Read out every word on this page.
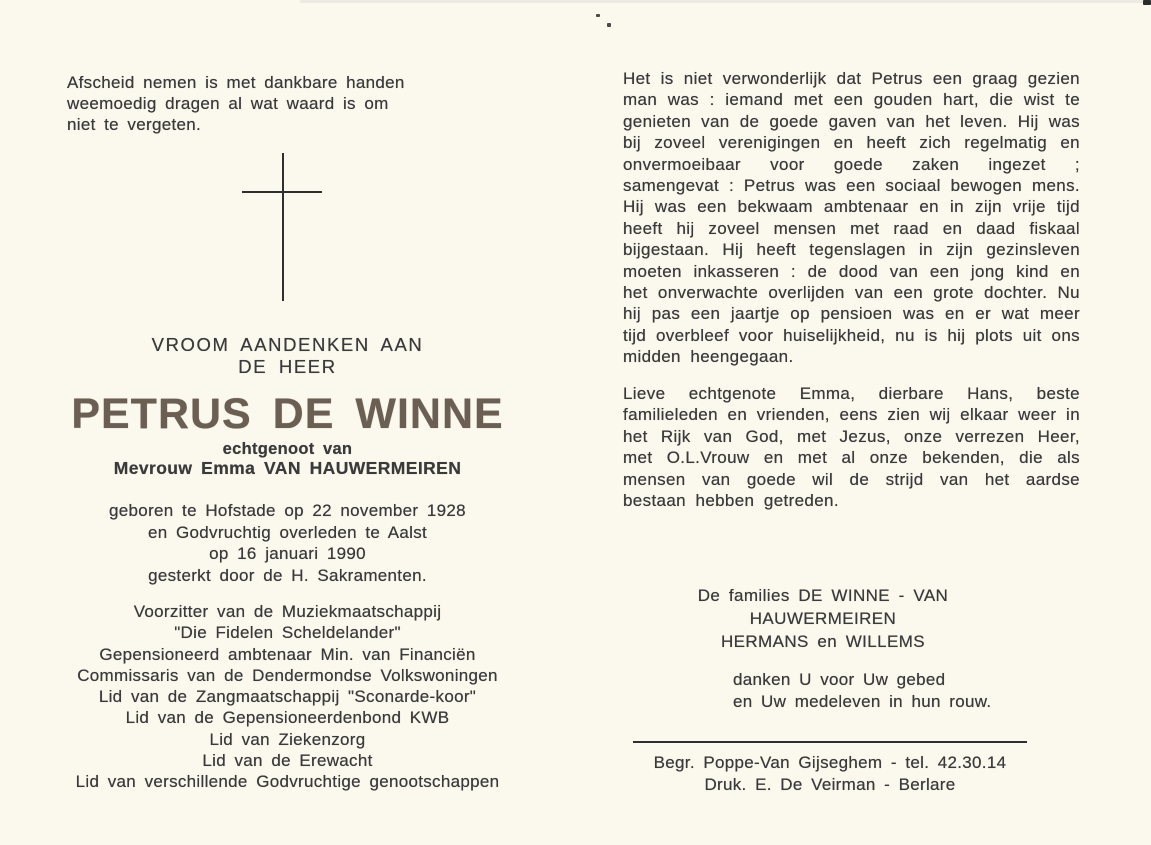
Afscheid nemen is met dankbare handen
weemoedig dragen al wat waard is om
niet te vergeten.
VROOM AANDENKEN AAN
DE HEER
PETRUS DE WINNE
echtgenoot van
Mevrouw Emma VAN HAUWERMEIREN
geboren te Hofstade op 22 november 1928
en Godvruchtig overleden te Aalst
op 16 januari 1990
gesterkt door de H. Sakramenten.
Voorzitter van de Muziekmaatschappij
"Die Fidelen Scheldelander"
Gepensioneerd ambtenaar Min. van Financiën
Commissaris van de Dendermondse Volkswoningen
Lid van de Zangmaatschappij "Sconarde-koor"
Lid van de Gepensioneerdenbond KWB
Lid van Ziekenzorg
Lid van de Erewacht
Lid van verschillende Godvruchtige genootschappen

Het is niet verwonderlijk dat Petrus een graag gezien man was : iemand met een gouden hart, die wist te genieten van de goede gaven van het leven. Hij was bij zoveel verenigingen en heeft zich regelmatig en onvermoeibaar voor goede zaken ingezet ; samengevat : Petrus was een sociaal bewogen mens. Hij was een bekwaam ambtenaar en in zijn vrije tijd heeft hij zoveel mensen met raad en daad fiskaal bijgestaan. Hij heeft tegenslagen in zijn gezinsleven moeten inkasseren : de dood van een jong kind en het onverwachte overlijden van een grote dochter. Nu hij pas een jaartje op pensioen was en er wat meer tijd overbleef voor huiselijkheid, nu is hij plots uit ons midden heengegaan.

Lieve echtgenote Emma, dierbare Hans, beste familieleden en vrienden, eens zien wij elkaar weer in het Rijk van God, met Jezus, onze verrezen Heer, met O.L.Vrouw en met al onze bekenden, die als mensen van goede wil de strijd van het aardse bestaan hebben getreden.

De families DE WINNE - VAN HAUWERMEIREN
HERMANS en WILLEMS
danken U voor Uw gebed
en Uw medeleven in hun rouw.
Begr. Poppe-Van Gijseghem - tel. 42.30.14
Druk. E. De Veirman - Berlare
